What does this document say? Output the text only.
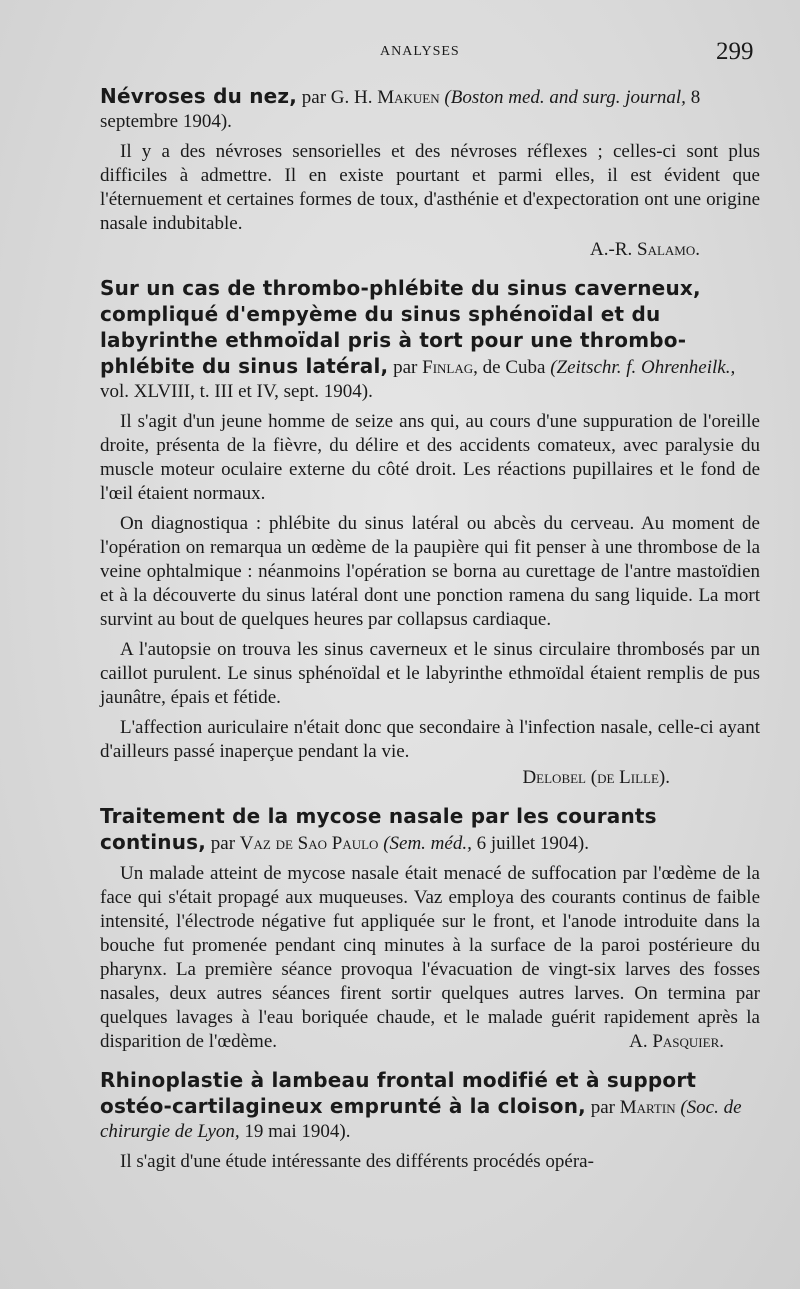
ANALYSES	299
Névroses du nez, par G. H. Makuen (Boston med. and surg. journal, 8 septembre 1904).

Il y a des névroses sensorielles et des névroses réflexes ; celles-ci sont plus difficiles à admettre. Il en existe pourtant et parmi elles, il est évident que l'éternuement et certaines formes de toux, d'asthénie et d'expectoration ont une origine nasale indubitable.

A.-R. Salamo.
Sur un cas de thrombo-phlébite du sinus caverneux, compliqué d'empyème du sinus sphénoïdal et du labyrinthe ethmoïdal pris à tort pour une thrombo-phlébite du sinus latéral, par Finlag, de Cuba (Zeitschr. f. Ohrenheilk., vol. XLVIII, t. III et IV, sept. 1904).

Il s'agit d'un jeune homme de seize ans qui, au cours d'une suppuration de l'oreille droite, présenta de la fièvre, du délire et des accidents comateux, avec paralysie du muscle moteur oculaire externe du côté droit. Les réactions pupillaires et le fond de l'œil étaient normaux.

On diagnostiqua : phlébite du sinus latéral ou abcès du cerveau. Au moment de l'opération on remarqua un œdème de la paupière qui fit penser à une thrombose de la veine ophtalmique : néanmoins l'opération se borna au curettage de l'antre mastoïdien et à la découverte du sinus latéral dont une ponction ramena du sang liquide. La mort survint au bout de quelques heures par collapsus cardiaque.

A l'autopsie on trouva les sinus caverneux et le sinus circulaire thrombosés par un caillot purulent. Le sinus sphénoïdal et le labyrinthe ethmoïdal étaient remplis de pus jaunâtre, épais et fétide.

L'affection auriculaire n'était donc que secondaire à l'infection nasale, celle-ci ayant d'ailleurs passé inaperçue pendant la vie.

Delobel (de Lille).
Traitement de la mycose nasale par les courants continus, par Vaz de Sao Paulo (Sem. méd., 6 juillet 1904).

Un malade atteint de mycose nasale était menacé de suffocation par l'œdème de la face qui s'était propagé aux muqueuses. Vaz employa des courants continus de faible intensité, l'électrode négative fut appliquée sur le front, et l'anode introduite dans la bouche fut promenée pendant cinq minutes à la surface de la paroi postérieure du pharynx. La première séance provoqua l'évacuation de vingt-six larves des fosses nasales, deux autres séances firent sortir quelques autres larves. On termina par quelques lavages à l'eau boriquée chaude, et le malade guérit rapidement après la disparition de l'œdème.	A. Pasquier.
Rhinoplastie à lambeau frontal modifié et à support ostéo-cartilagineux emprunté à la cloison, par Martin (Soc. de chirurgie de Lyon, 19 mai 1904).

Il s'agit d'une étude intéressante des différents procédés opéra-
